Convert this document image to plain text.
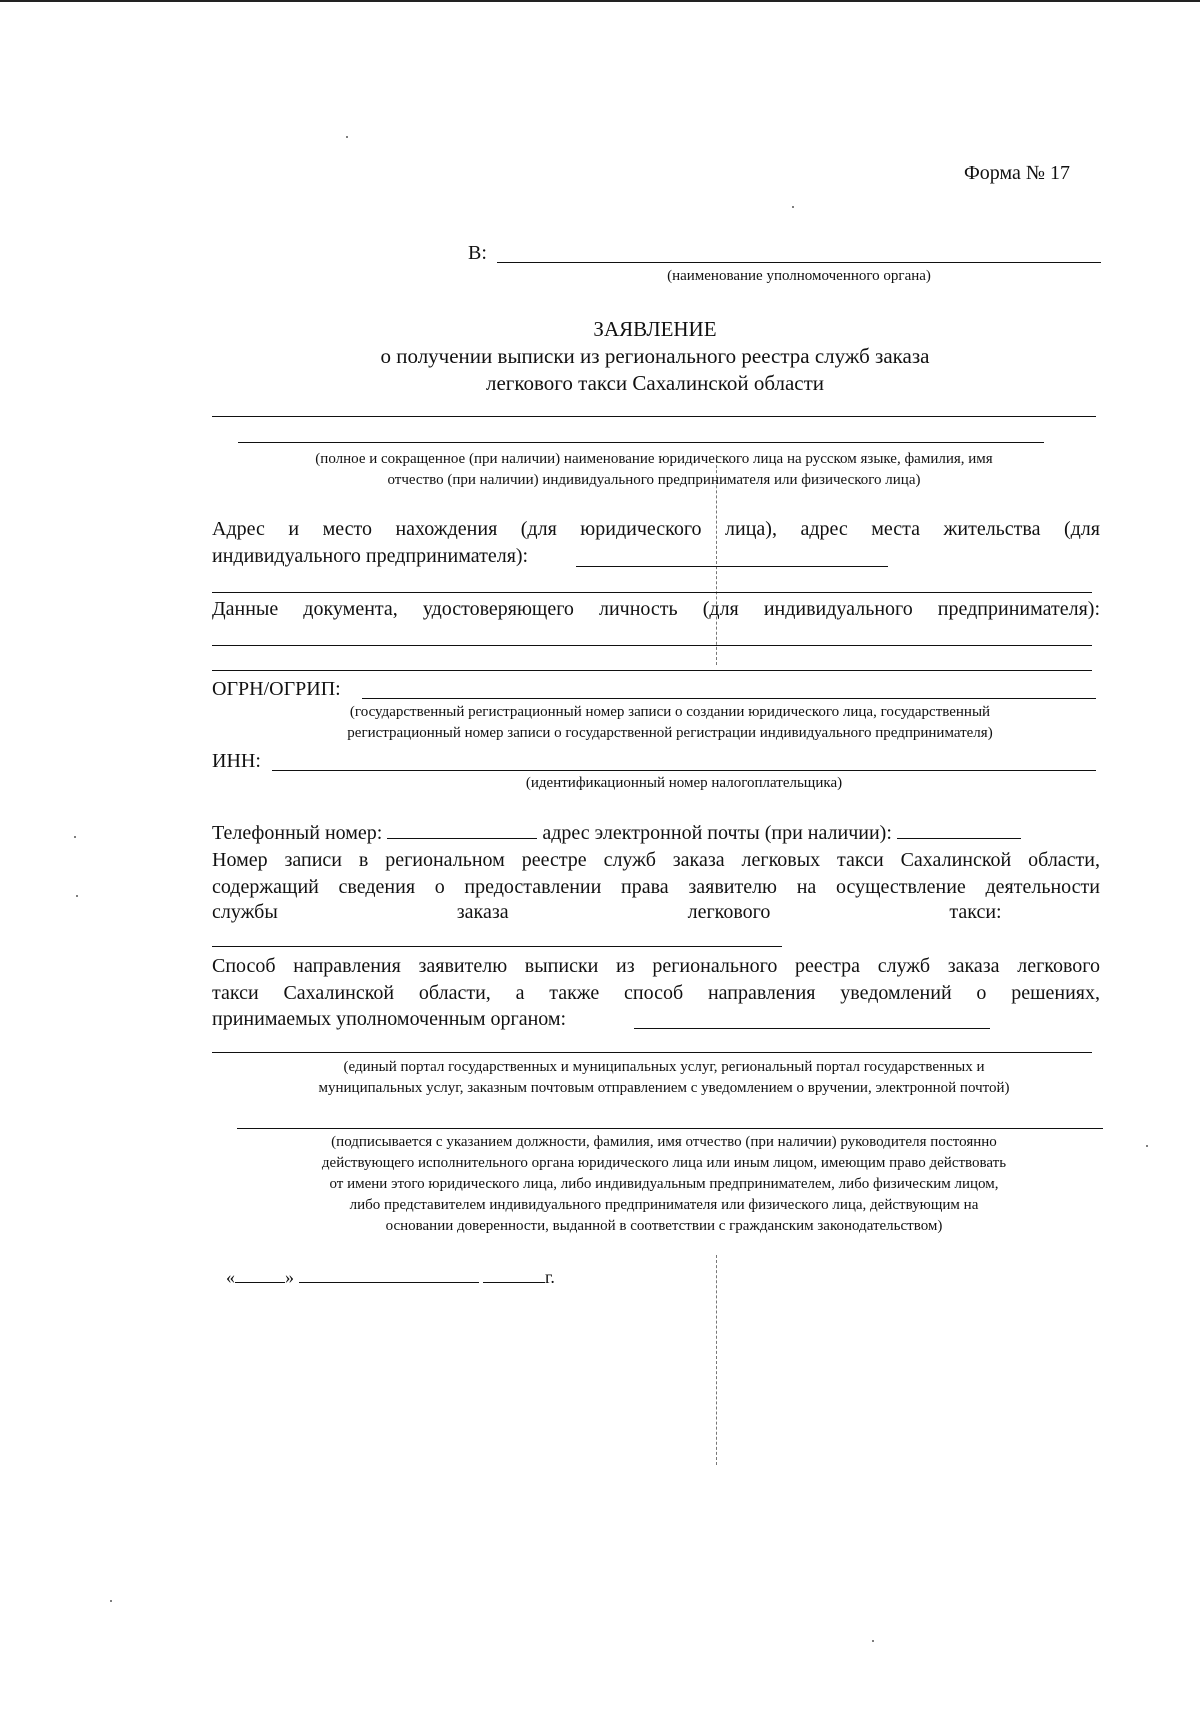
Форма № 17
В:
(наименование уполномоченного органа)
ЗАЯВЛЕНИЕ
о получении выписки из регионального реестра служб заказа
легкового такси Сахалинской области
(полное и сокращенное (при наличии) наименование юридического лица на русском языке, фамилия, имя
отчество (при наличии) индивидуального предпринимателя или физического лица)
Адрес и место нахождения (для юридического лица), адрес места жительства (для
индивидуального предпринимателя):
Данные документа, удостоверяющего личность (для индивидуального предпринимателя):
ОГРН/ОГРИП:
(государственный регистрационный номер записи о создании юридического лица, государственный
регистрационный номер записи о государственной регистрации индивидуального предпринимателя)
ИНН:
(идентификационный номер налогоплательщика)
Телефонный номер:	адрес электронной почты (при наличии):
Номер записи в региональном реестре служб заказа легковых такси Сахалинской области,
содержащий сведения о предоставлении права заявителю на осуществление деятельности
службы заказа легкового такси:
Способ направления заявителю выписки из регионального реестра служб заказа легкового
такси Сахалинской области, а также способ направления уведомлений о решениях,
принимаемых уполномоченным органом:
(единый портал государственных и муниципальных услуг, региональный портал государственных и
муниципальных услуг, заказным почтовым отправлением с уведомлением о вручении, электронной почтой)
(подписывается с указанием должности, фамилия, имя отчество (при наличии) руководителя постоянно
действующего исполнительного органа юридического лица или иным лицом, имеющим право действовать
от имени этого юридического лица, либо индивидуальным предпринимателем, либо физическим лицом,
либо представителем индивидуального предпринимателя или физического лица, действующим на
основании доверенности, выданной в соответствии с гражданским законодательством)
«	»	г.
